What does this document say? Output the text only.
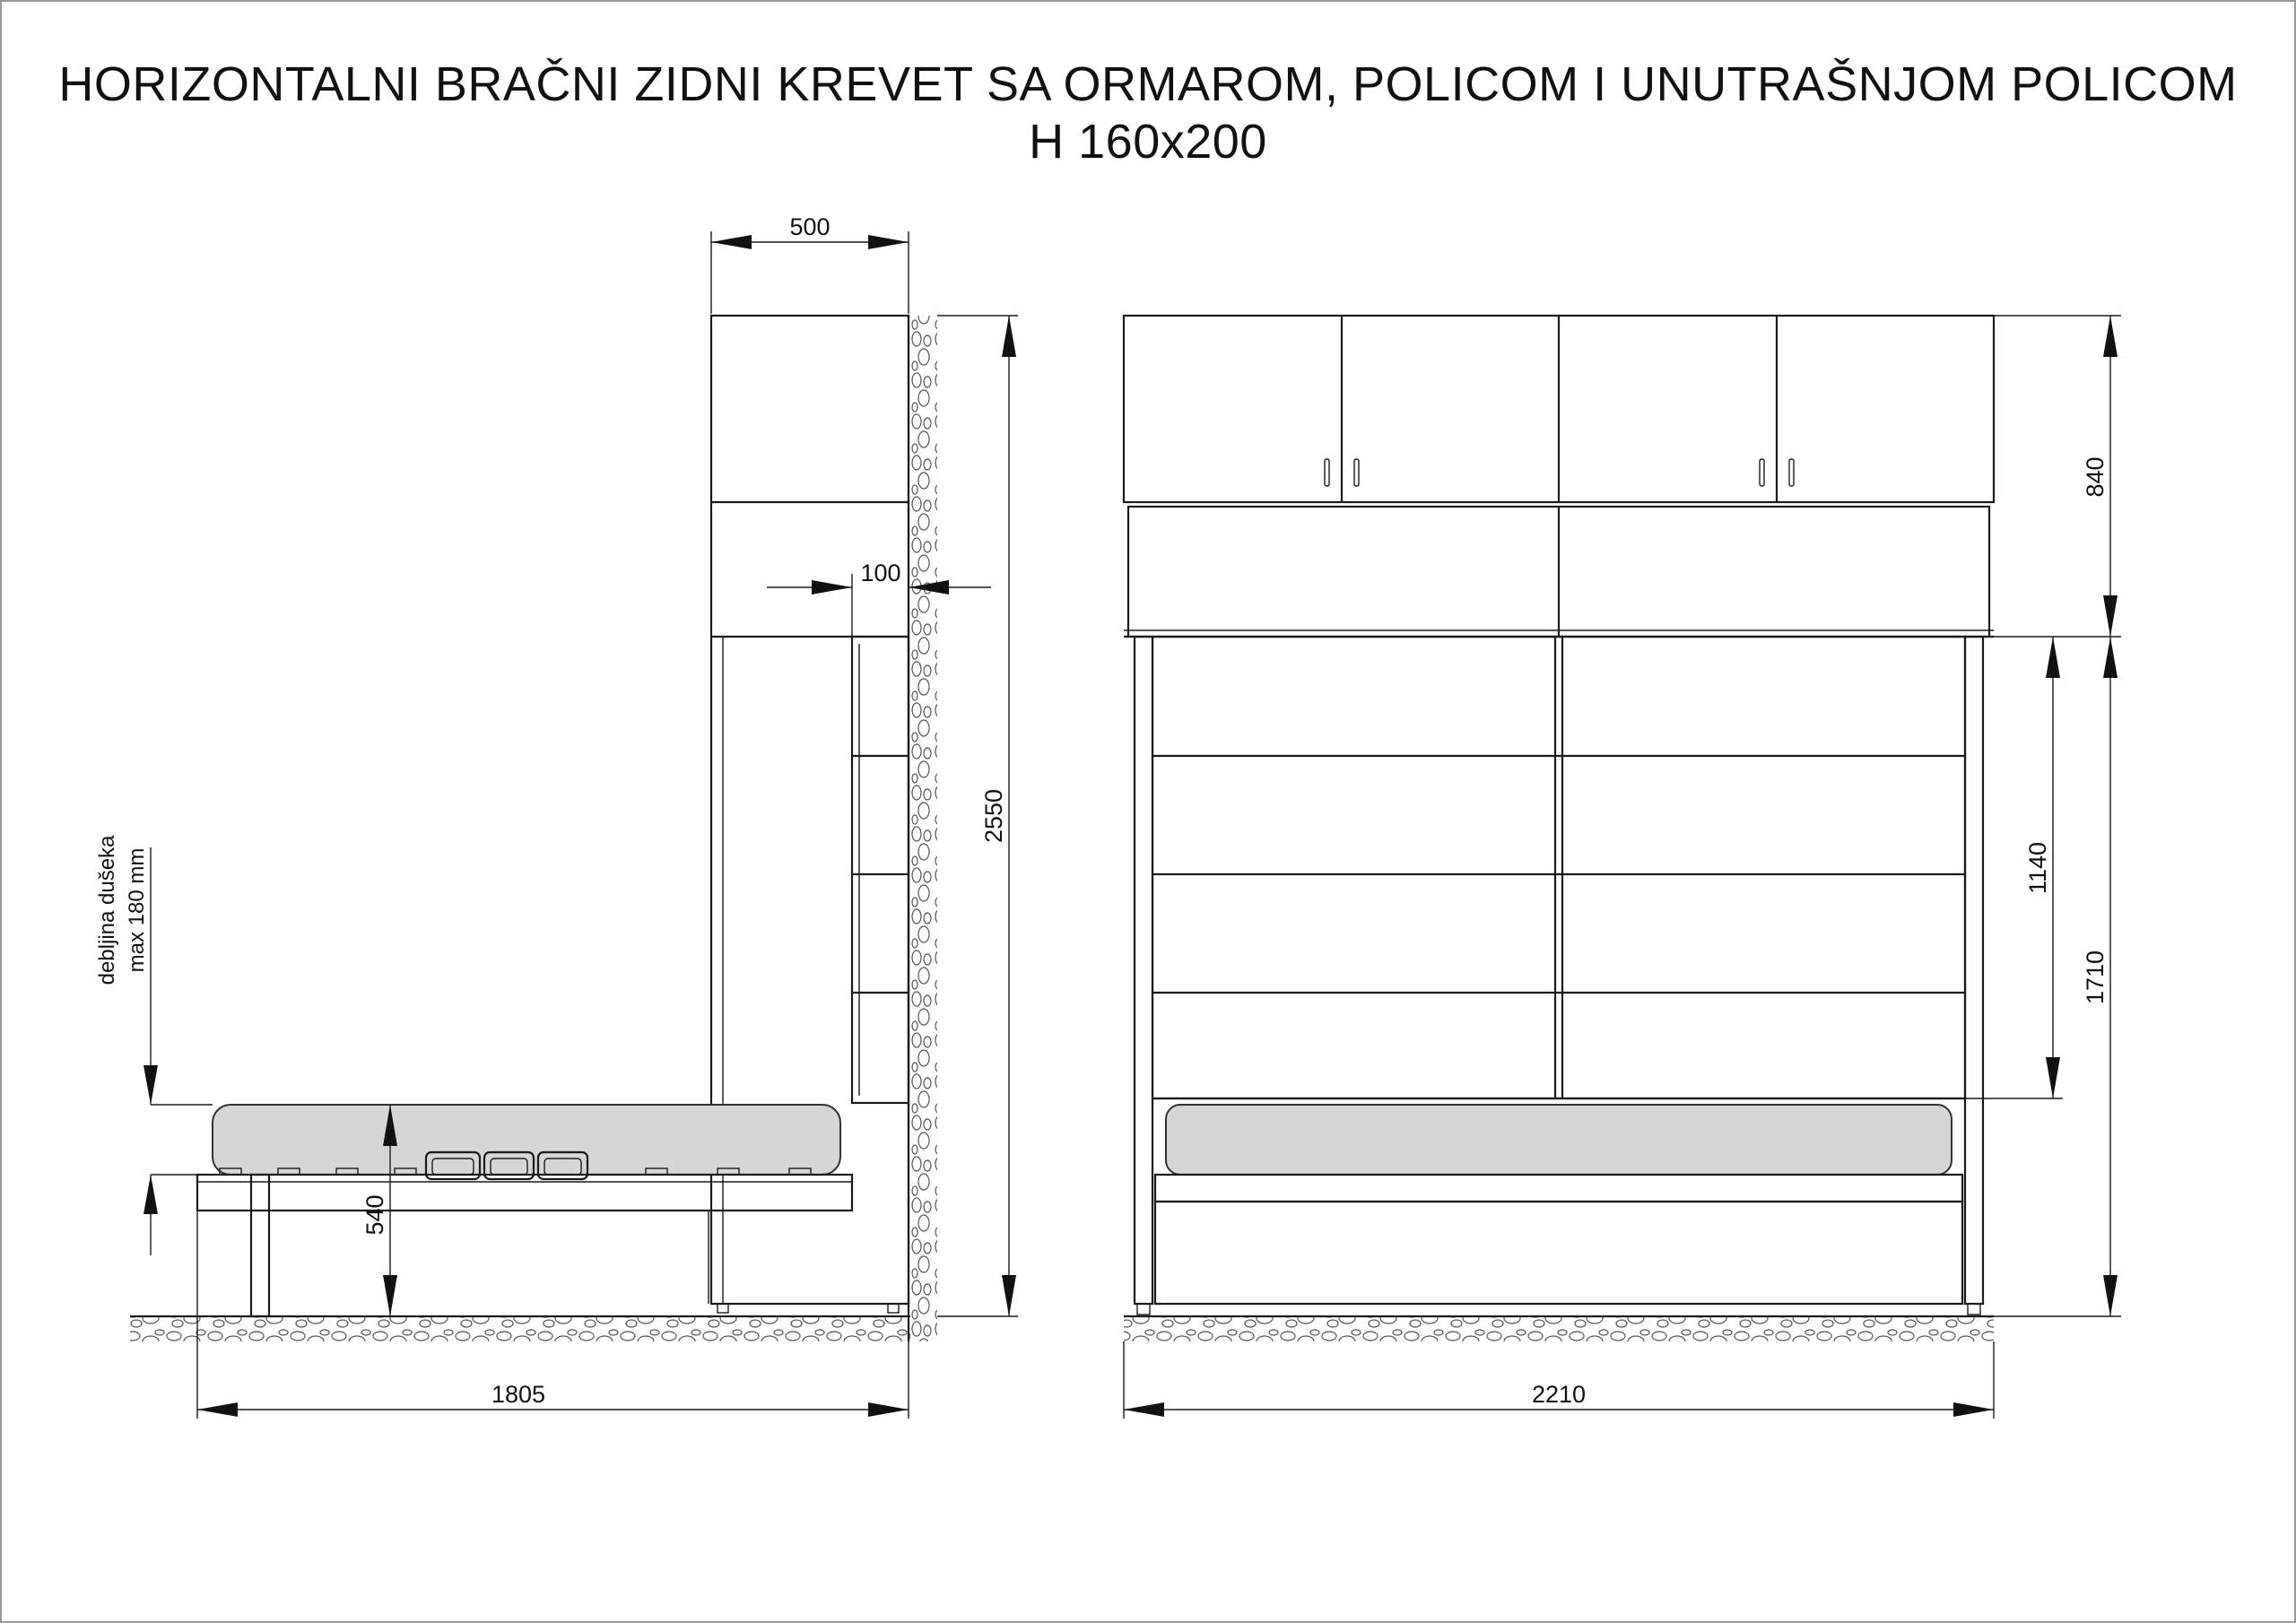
HORIZONTALNI BRAČNI ZIDNI KREVET SA ORMAROM, POLICOM I UNUTRAŠNJOM POLICOM
H 160x200
500
100
2550
540
debljina dušeka max 180 mm
1805
840
1140
1710
2210
